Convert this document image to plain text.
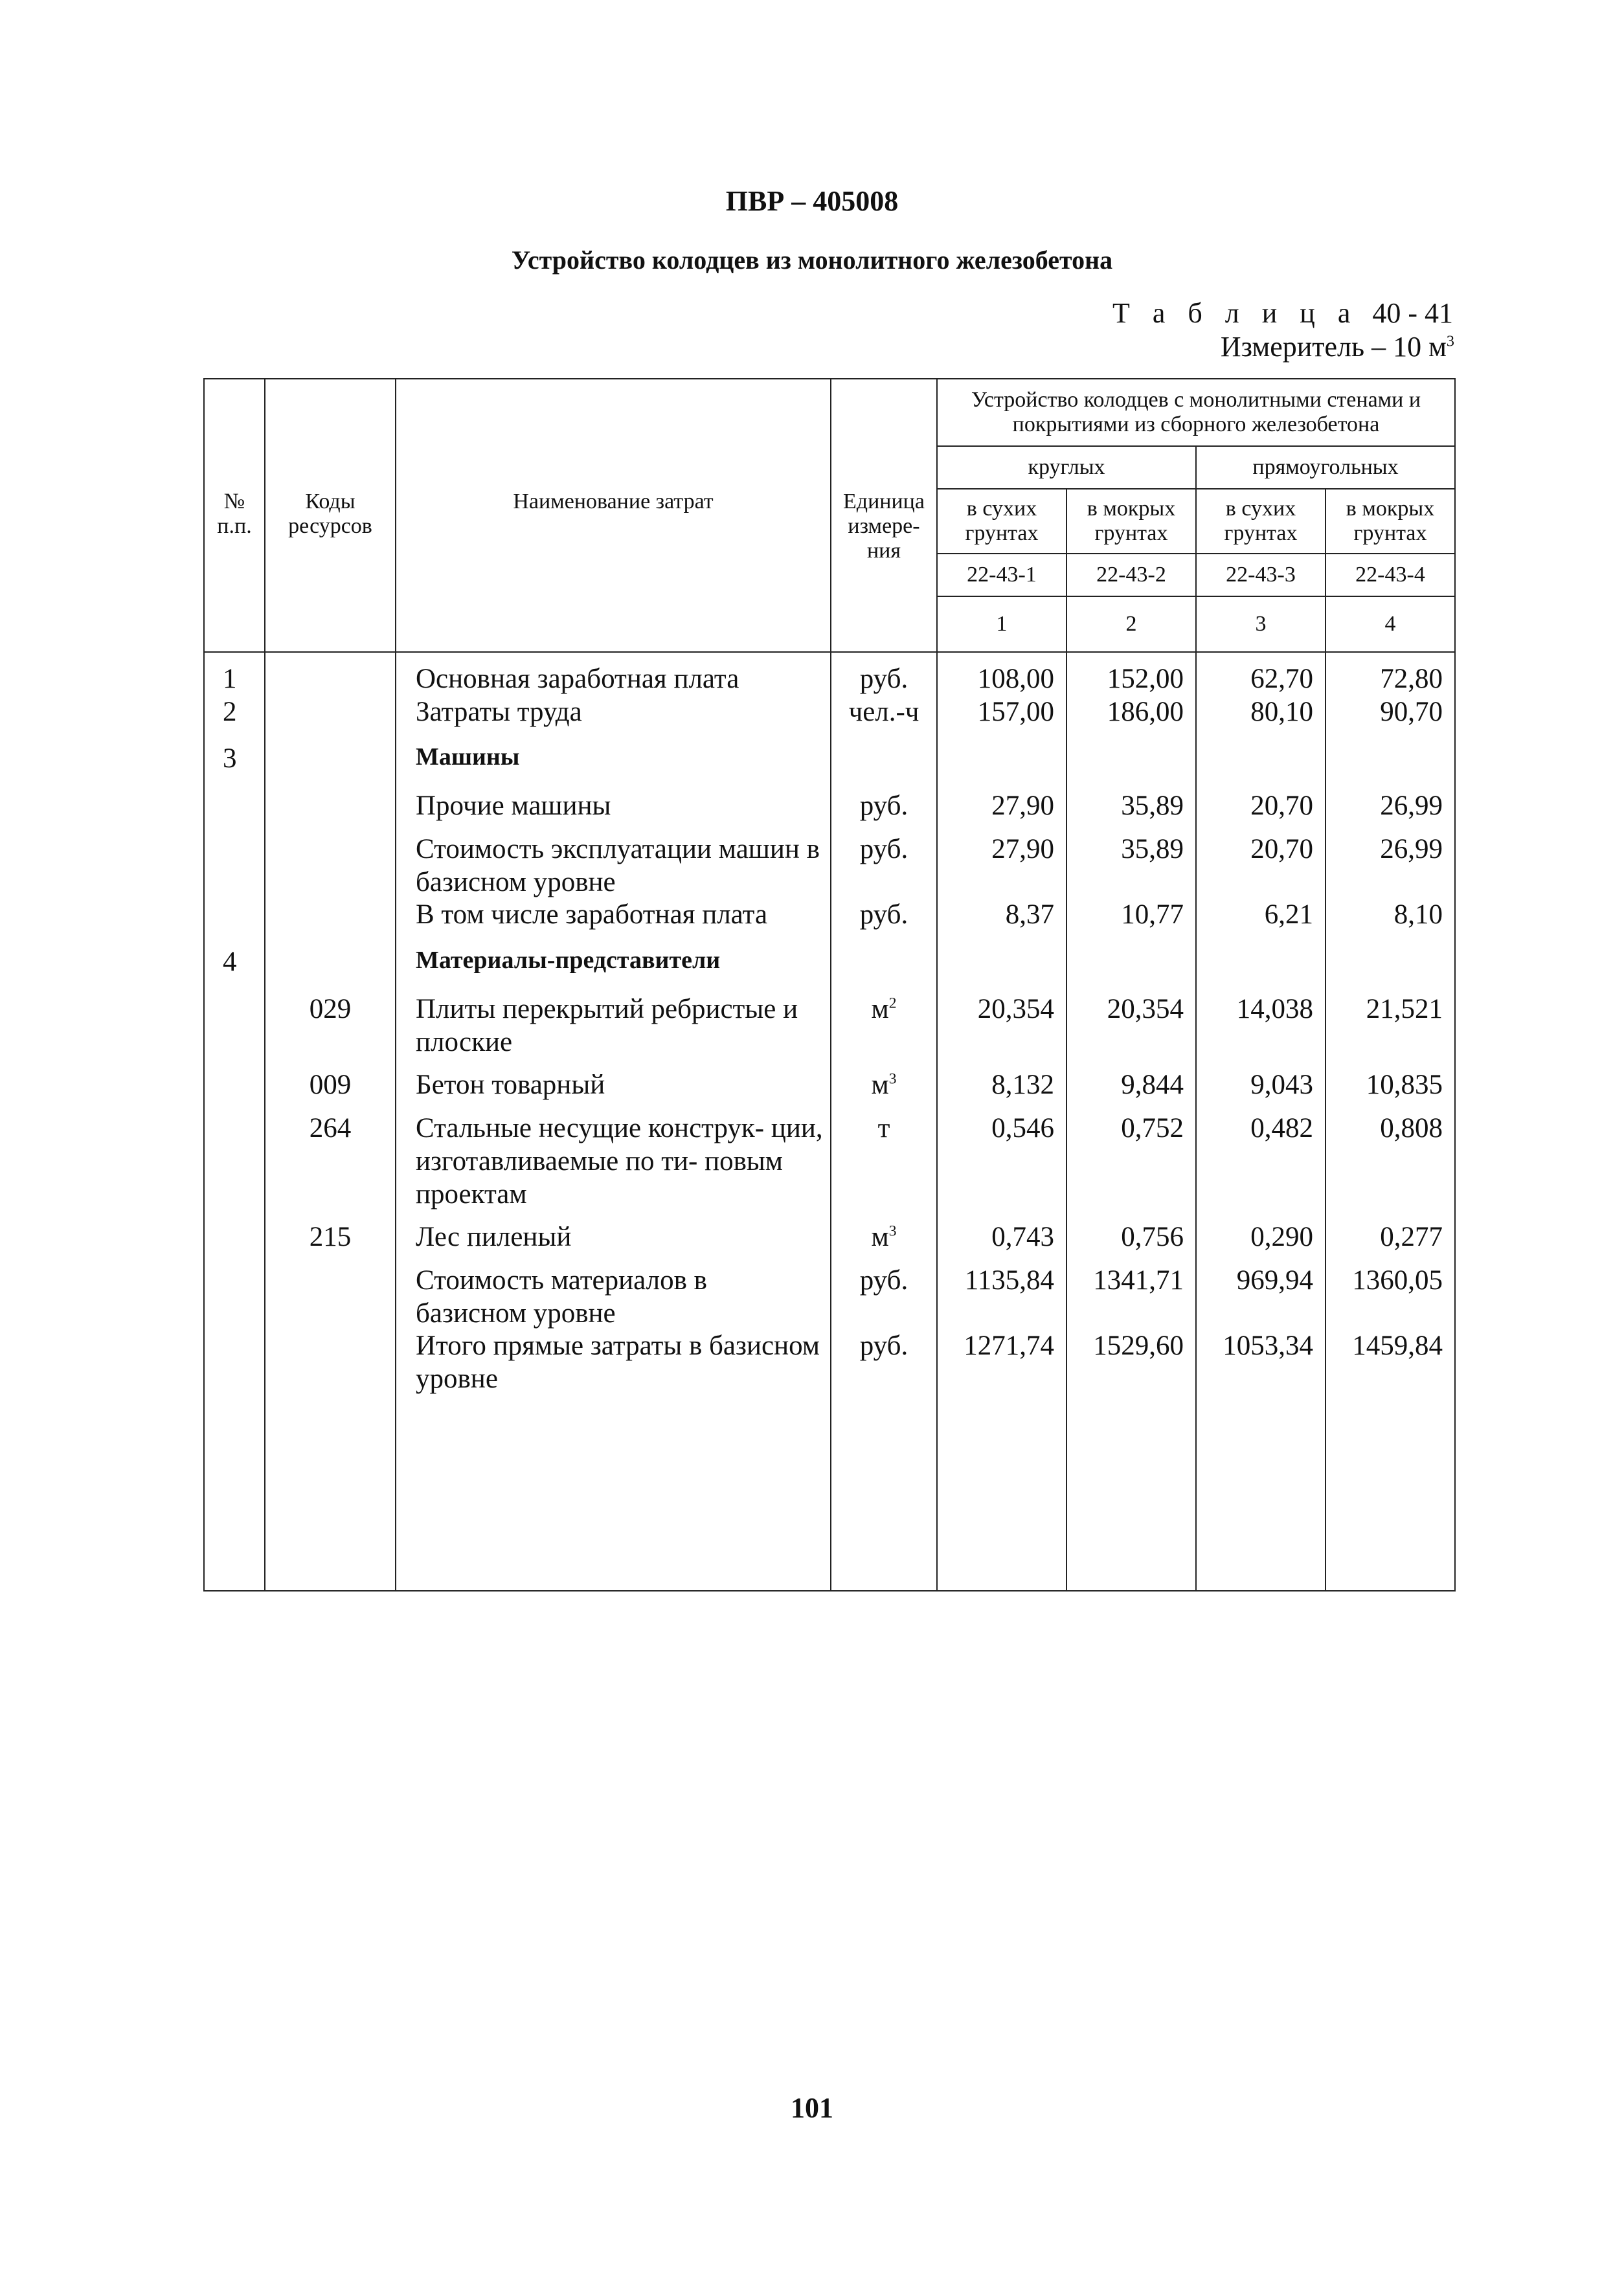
ПВР – 405008
Устройство колодцев из монолитного железобетона
Т а б л и ц а 40 - 41
Измеритель – 10 $м^3$
№ п.п.	Коды ресурсов	Наименование затрат	Единица измере- ния	Устройство колодцев с монолитными стенами и покрытиями из сборного железобетона			
				круглых		прямоугольных	
				в сухих грунтах	в мокрых грунтах	в сухих грунтах	в мокрых грунтах
				22-43-1	22-43-2	22-43-3	22-43-4
				1	2	3	4
1		Основная заработная плата	руб.	108,00	152,00	62,70	72,80
2		Затраты труда	чел.-ч	157,00	186,00	80,10	90,70
3		Машины					
		Прочие машины	руб.	27,90	35,89	20,70	26,99
		Стоимость эксплуатации машин в базисном уровне	руб.	27,90	35,89	20,70	26,99
		В том числе заработная плата	руб.	8,37	10,77	6,21	8,10
4		Материалы-представители					
	029	Плиты перекрытий ребристые и плоские	$м^2$	20,354	20,354	14,038	21,521
	009	Бетон товарный	$м^3$	8,132	9,844	9,043	10,835
	264	Стальные несущие конструк- ции, изготавливаемые по ти- повым проектам	т	0,546	0,752	0,482	0,808
	215	Лес пиленый	$м^3$	0,743	0,756	0,290	0,277
		Стоимость материалов в базисном уровне	руб.	1135,84	1341,71	969,94	1360,05
		Итого прямые затраты в базисном уровне	руб.	1271,74	1529,60	1053,34	1459,84

101
